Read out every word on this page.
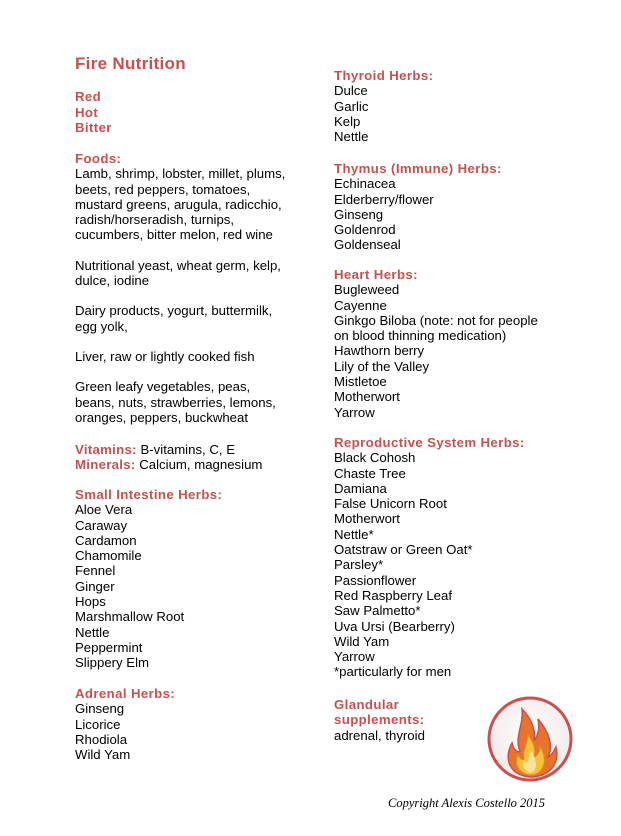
Fire Nutrition
Red
Hot
Bitter
Foods:
Lamb, shrimp, lobster, millet, plums,
beets, red peppers, tomatoes,
mustard greens, arugula, radicchio,
radish/horseradish, turnips,
cucumbers, bitter melon, red wine
Nutritional yeast, wheat germ, kelp,
dulce, iodine
Dairy products, yogurt, buttermilk,
egg yolk,
Liver, raw or lightly cooked fish
Green leafy vegetables, peas,
beans, nuts, strawberries, lemons,
oranges, peppers, buckwheat
Vitamins: B-vitamins, C, E
Minerals: Calcium, magnesium
Small Intestine Herbs:
Aloe Vera
Caraway
Cardamon
Chamomile
Fennel
Ginger
Hops
Marshmallow Root
Nettle
Peppermint
Slippery Elm
Adrenal Herbs:
Ginseng
Licorice
Rhodiola
Wild Yam
Thyroid Herbs:
Dulce
Garlic
Kelp
Nettle
Thymus (Immune) Herbs:
Echinacea
Elderberry/flower
Ginseng
Goldenrod
Goldenseal
Heart Herbs:
Bugleweed
Cayenne
Ginkgo Biloba (note: not for people
on blood thinning medication)
Hawthorn berry
Lily of the Valley
Mistletoe
Motherwort
Yarrow
Reproductive System Herbs:
Black Cohosh
Chaste Tree
Damiana
False Unicorn Root
Motherwort
Nettle*
Oatstraw or Green Oat*
Parsley*
Passionflower
Red Raspberry Leaf
Saw Palmetto*
Uva Ursi (Bearberry)
Wild Yam
Yarrow
*particularly for men
Glandular
supplements:
adrenal, thyroid
Copyright Alexis Costello 2015
